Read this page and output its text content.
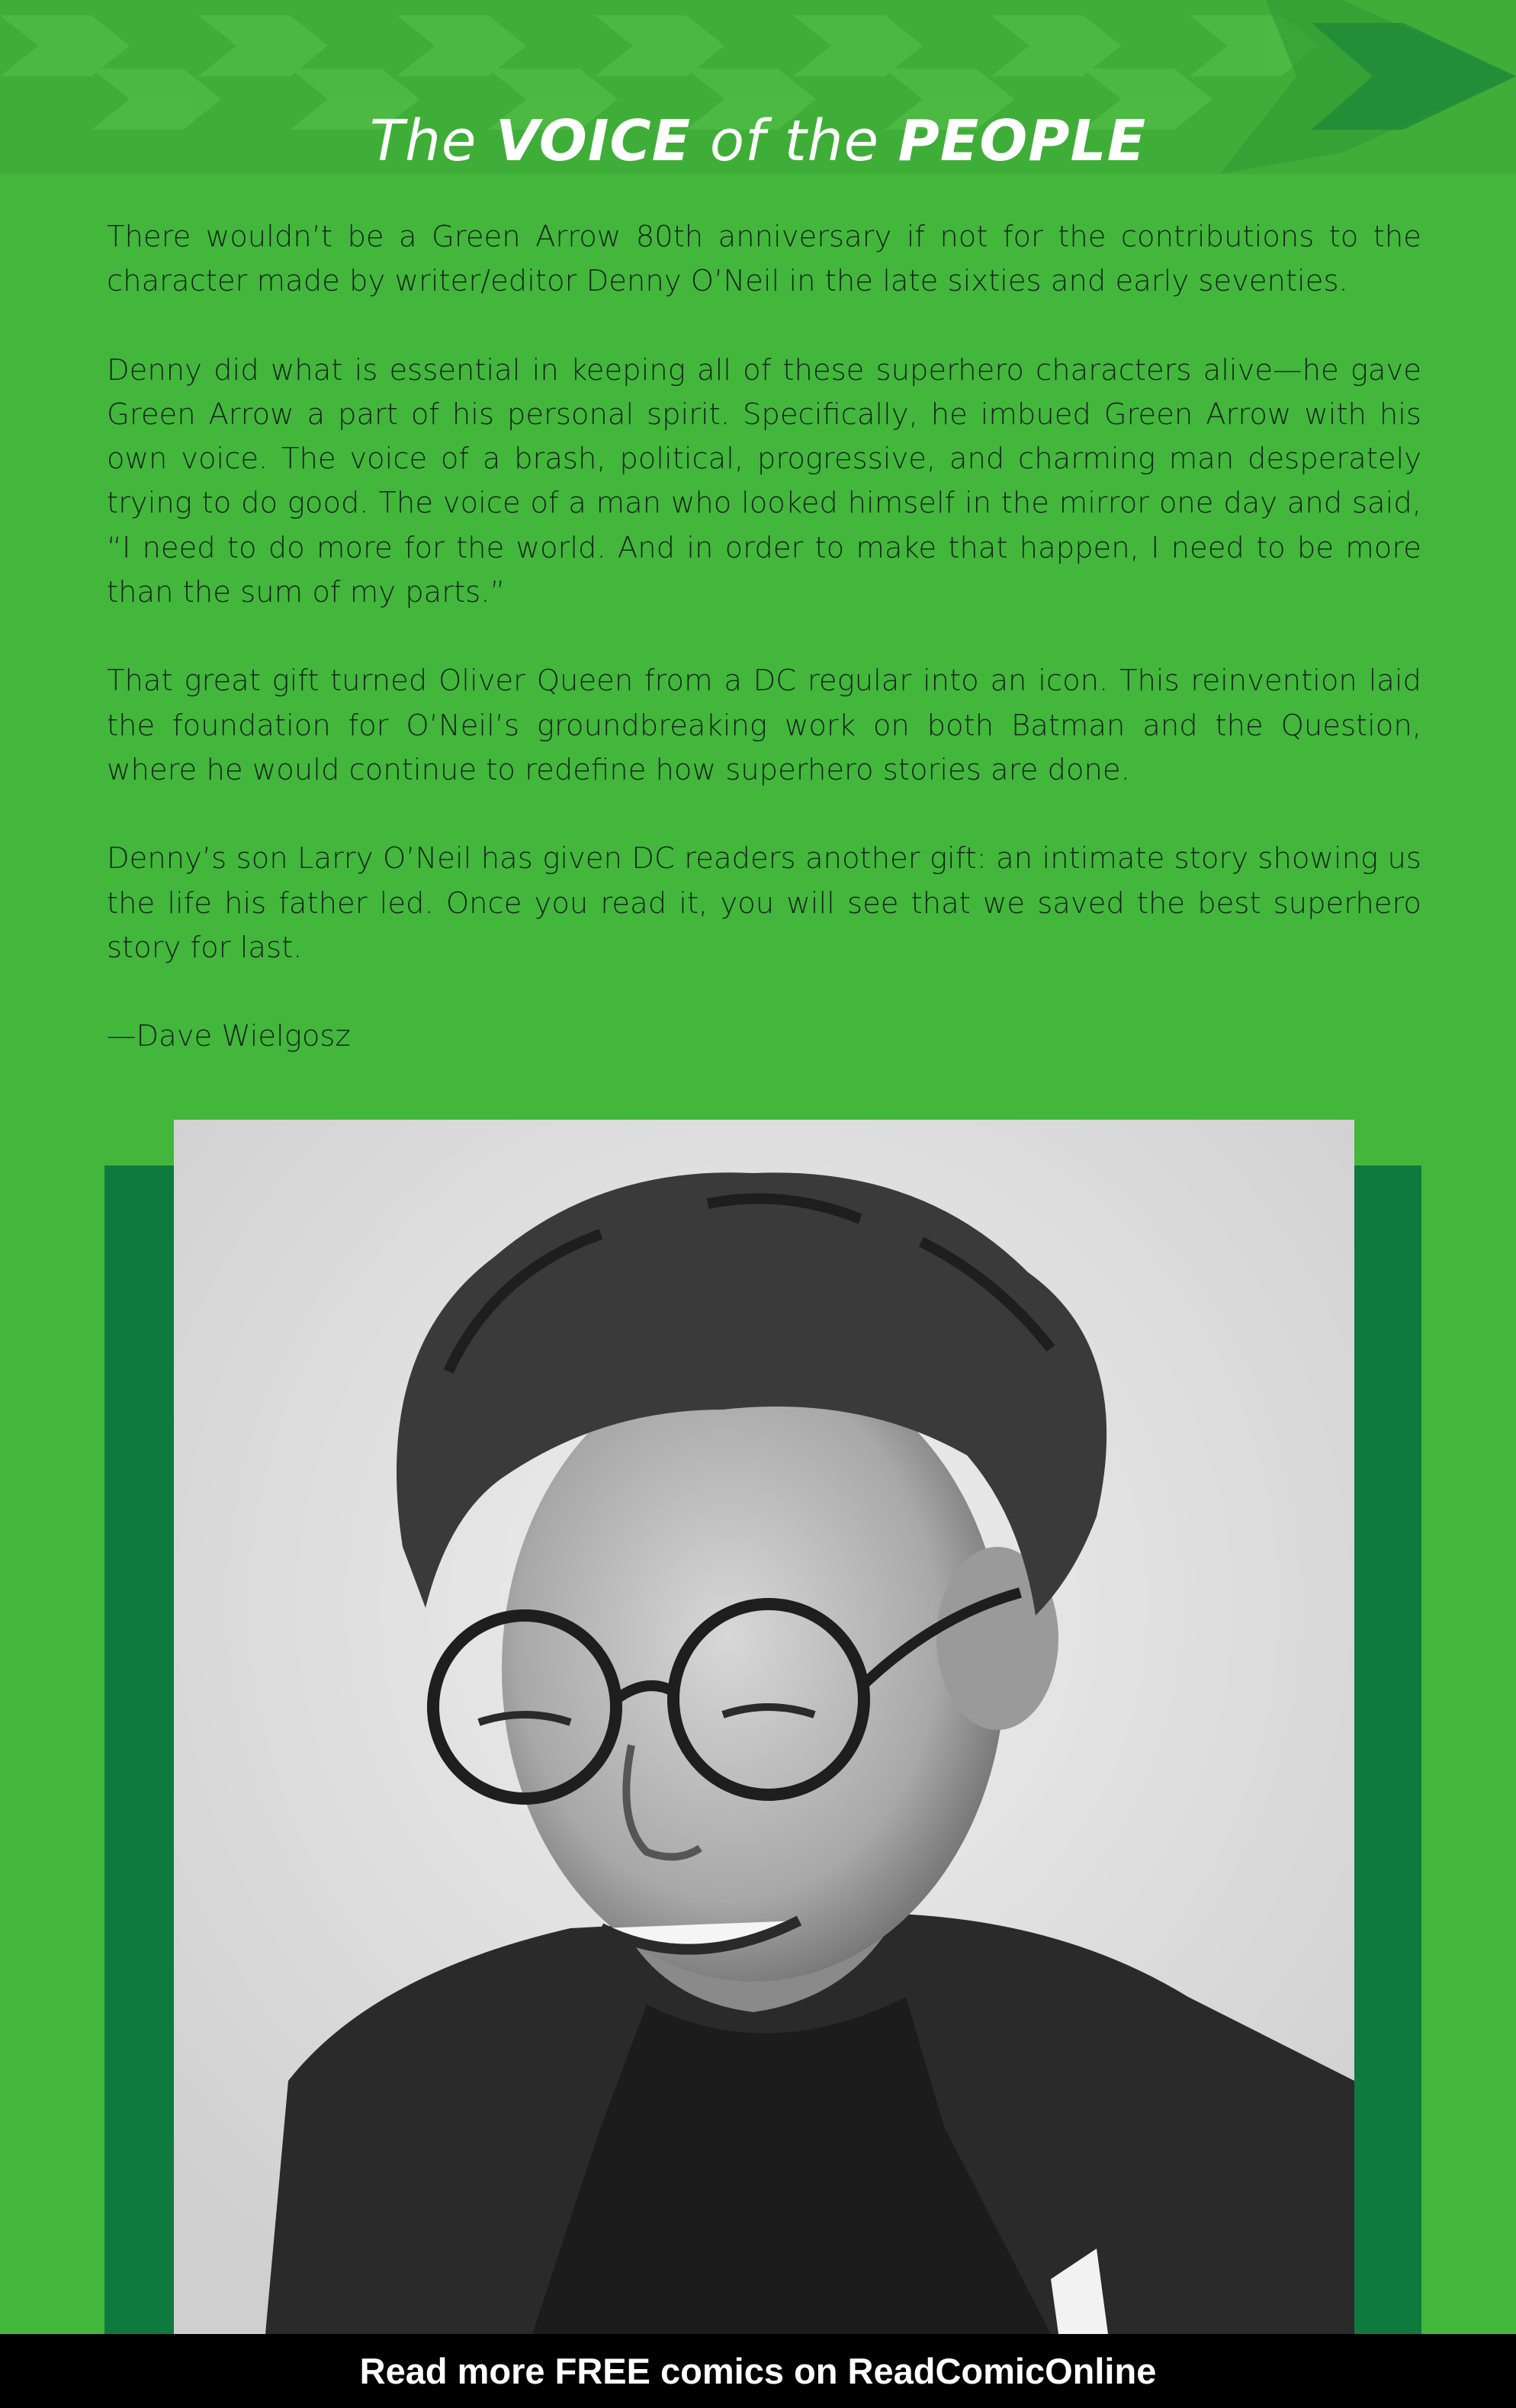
The VOICE of the PEOPLE

There wouldn’t be a Green Arrow 80th anniversary if not for the contributions to the character made by writer/editor Denny O’Neil in the late sixties and early seventies.

Denny did what is essential in keeping all of these superhero characters alive—he gave Green Arrow a part of his personal spirit. Specifically, he imbued Green Arrow with his own voice. The voice of a brash, political, progressive, and charming man desperately trying to do good. The voice of a man who looked himself in the mirror one day and said, “I need to do more for the world. And in order to make that happen, I need to be more than the sum of my parts.”

That great gift turned Oliver Queen from a DC regular into an icon. This reinvention laid the foundation for O’Neil’s groundbreaking work on both Batman and the Question, where he would continue to redefine how superhero stories are done.

Denny’s son Larry O’Neil has given DC readers another gift: an intimate story showing us the life his father led. Once you read it, you will see that we saved the best superhero story for last.

—Dave Wielgosz

Read more FREE comics on ReadComicOnline
